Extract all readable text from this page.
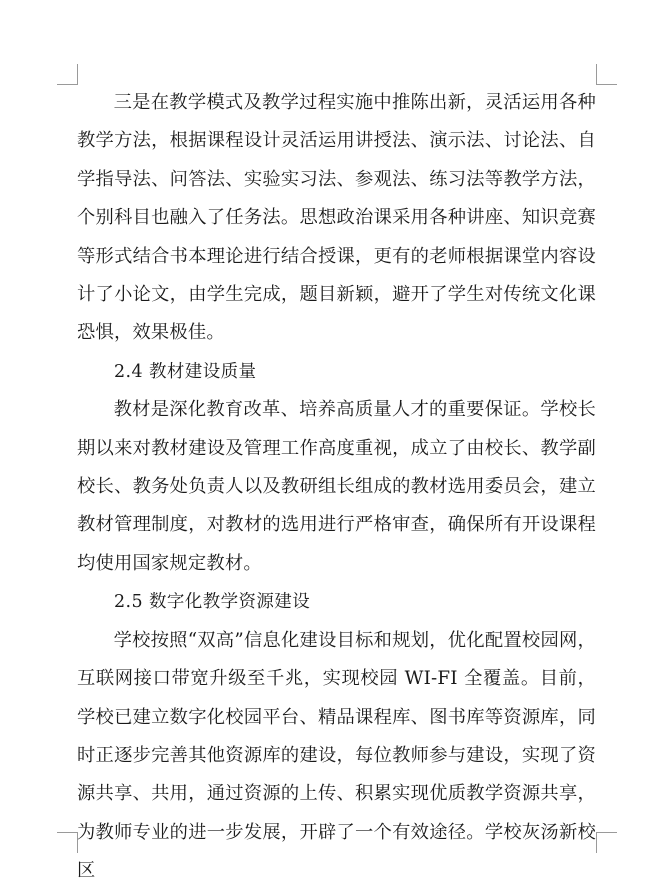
三是在教学模式及教学过程实施中推陈出新，灵活运用各种教学方法，根据课程设计灵活运用讲授法、演示法、讨论法、自学指导法、问答法、实验实习法、参观法、练习法等教学方法，个别科目也融入了任务法。思想政治课采用各种讲座、知识竞赛等形式结合书本理论进行结合授课，更有的老师根据课堂内容设计了小论文，由学生完成，题目新颖，避开了学生对传统文化课恐惧，效果极佳。

2.4 教材建设质量

教材是深化教育改革、培养高质量人才的重要保证。学校长期以来对教材建设及管理工作高度重视，成立了由校长、教学副校长、教务处负责人以及教研组长组成的教材选用委员会，建立教材管理制度，对教材的选用进行严格审查，确保所有开设课程均使用国家规定教材。

2.5 数字化教学资源建设

学校按照“双高”信息化建设目标和规划，优化配置校园网，互联网接口带宽升级至千兆，实现校园 WI-FI 全覆盖。目前，学校已建立数字化校园平台、精品课程库、图书库等资源库，同时正逐步完善其他资源库的建设，每位教师参与建设，实现了资源共享、共用，通过资源的上传、积累实现优质教学资源共享，为教师专业的进一步发展，开辟了一个有效途径。学校灰汤新校区
